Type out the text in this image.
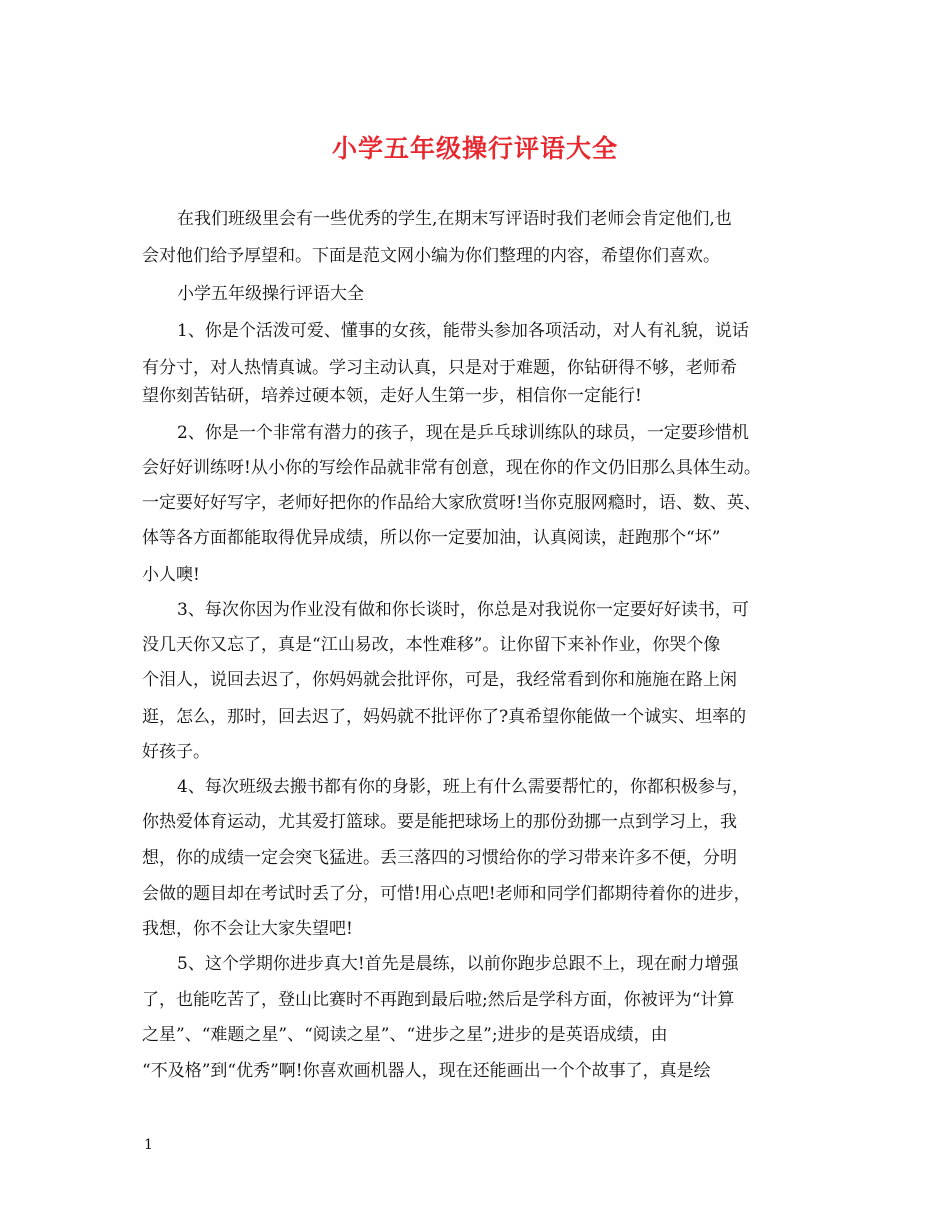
小学五年级操行评语大全
在我们班级里会有一些优秀的学生,在期末写评语时我们老师会肯定他们,也
会对他们给予厚望和。下面是范文网小编为你们整理的内容，希望你们喜欢。
小学五年级操行评语大全
1、你是个活泼可爱、懂事的女孩，能带头参加各项活动，对人有礼貌，说话
有分寸，对人热情真诚。学习主动认真，只是对于难题，你钻研得不够，老师希
望你刻苦钻研，培养过硬本领，走好人生第一步，相信你一定能行!
2、你是一个非常有潜力的孩子，现在是乒乓球训练队的球员，一定要珍惜机
会好好训练呀!从小你的写绘作品就非常有创意，现在你的作文仍旧那么具体生动。
一定要好好写字，老师好把你的作品给大家欣赏呀!当你克服网瘾时，语、数、英、
体等各方面都能取得优异成绩，所以你一定要加油，认真阅读，赶跑那个“坏”
小人噢!
3、每次你因为作业没有做和你长谈时，你总是对我说你一定要好好读书，可
没几天你又忘了，真是“江山易改，本性难移”。让你留下来补作业，你哭个像
个泪人，说回去迟了，你妈妈就会批评你，可是，我经常看到你和施施在路上闲
逛，怎么，那时，回去迟了，妈妈就不批评你了?真希望你能做一个诚实、坦率的
好孩子。
4、每次班级去搬书都有你的身影，班上有什么需要帮忙的，你都积极参与，
你热爱体育运动，尤其爱打篮球。要是能把球场上的那份劲挪一点到学习上，我
想，你的成绩一定会突飞猛进。丢三落四的习惯给你的学习带来许多不便，分明
会做的题目却在考试时丢了分，可惜!用心点吧!老师和同学们都期待着你的进步，
我想，你不会让大家失望吧!
5、这个学期你进步真大!首先是晨练，以前你跑步总跟不上，现在耐力增强
了，也能吃苦了，登山比赛时不再跑到最后啦;然后是学科方面，你被评为“计算
之星”、“难题之星”、“阅读之星”、“进步之星”;进步的是英语成绩，由
“不及格”到“优秀”啊!你喜欢画机器人，现在还能画出一个个故事了，真是绘
1
